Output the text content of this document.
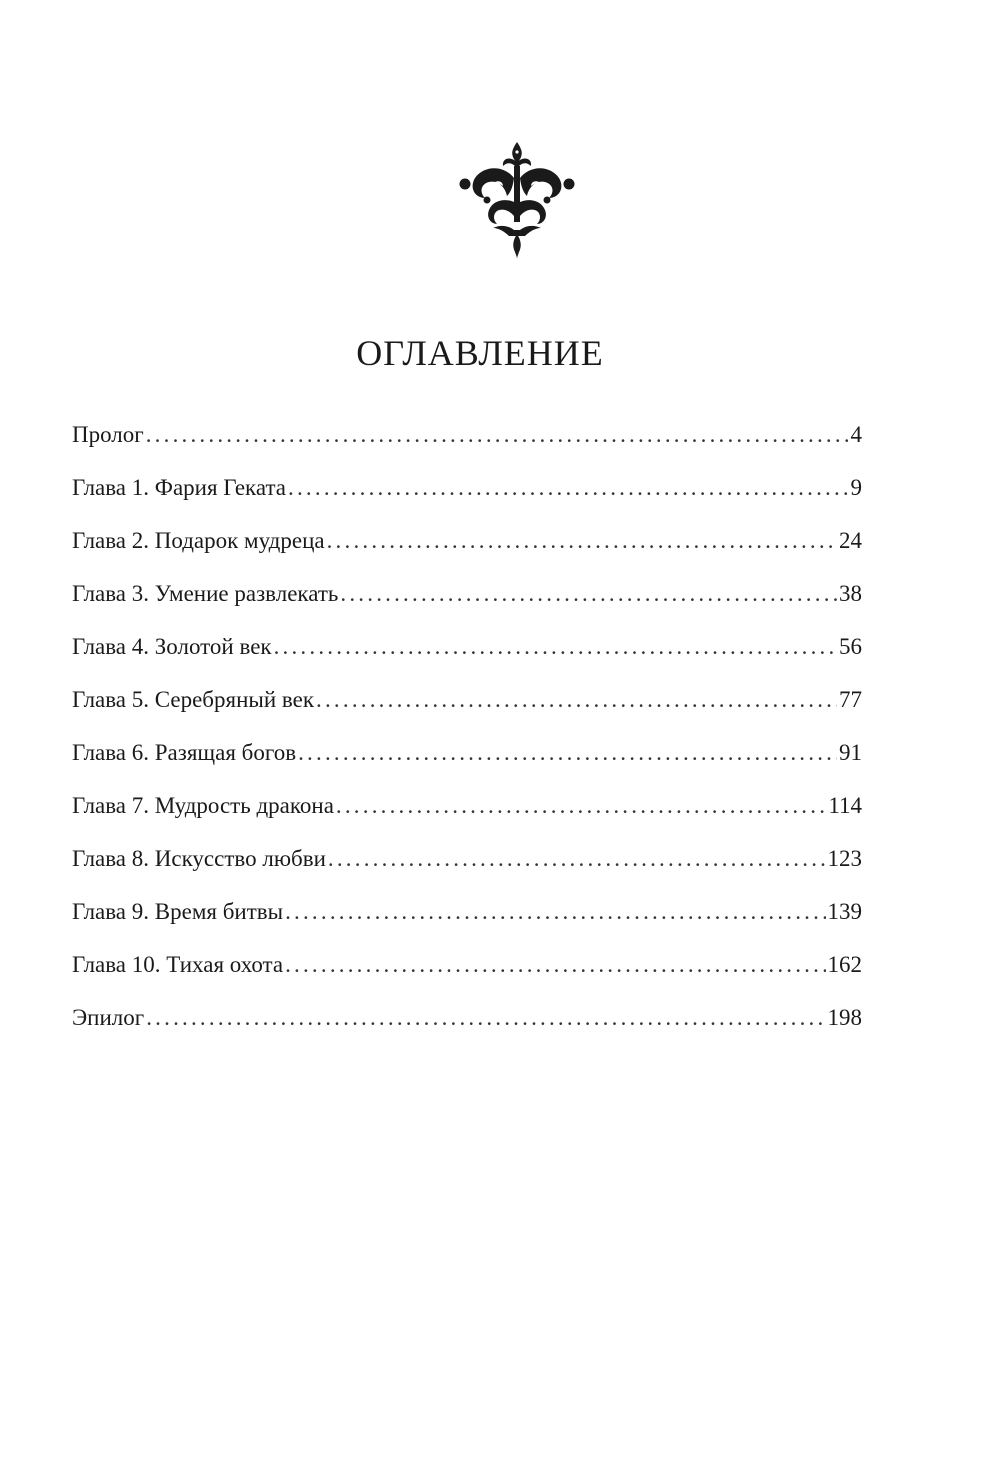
ОГЛАВЛЕНИЕ
Пролог .....	4
Глава 1. Фария Геката .....	9
Глава 2. Подарок мудреца .....	24
Глава 3. Умение развлекать .....	38
Глава 4. Золотой век .....	56
Глава 5. Серебряный век .....	77
Глава 6. Разящая богов .....	91
Глава 7. Мудрость дракона .....	114
Глава 8. Искусство любви .....	123
Глава 9. Время битвы .....	139
Глава 10. Тихая охота .....	162
Эпилог .....	198
